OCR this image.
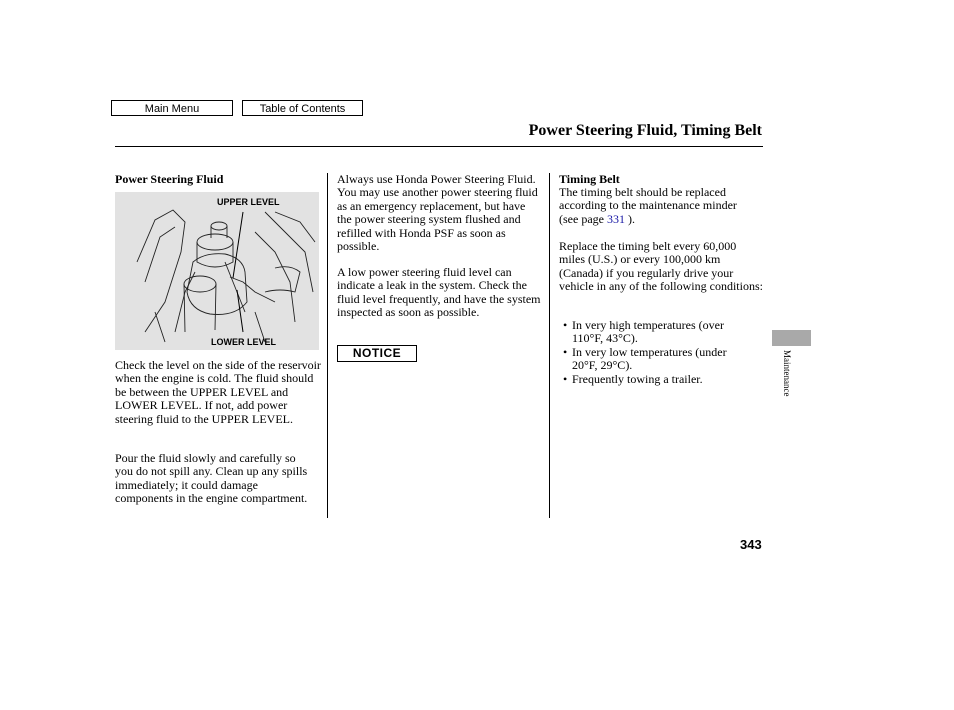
Main Menu	Table of Contents
Power Steering Fluid, Timing Belt
Power Steering Fluid
UPPER LEVEL
LOWER LEVEL
Check the level on the side of the reservoir when the engine is cold. The fluid should be between the UPPER LEVEL and LOWER LEVEL. If not, add power steering fluid to the UPPER LEVEL.
Pour the fluid slowly and carefully so you do not spill any. Clean up any spills immediately; it could damage components in the engine compartment.
Always use Honda Power Steering Fluid. You may use another power steering fluid as an emergency replacement, but have the power steering system flushed and refilled with Honda PSF as soon as possible.
A low power steering fluid level can indicate a leak in the system. Check the fluid level frequently, and have the system inspected as soon as possible.
NOTICE
Timing Belt
The timing belt should be replaced according to the maintenance minder (see page 331 ).
Replace the timing belt every 60,000 miles (U.S.) or every 100,000 km (Canada) if you regularly drive your vehicle in any of the following conditions:
• In very high temperatures (over 110°F, 43°C).
• In very low temperatures (under 20°F, 29°C).
• Frequently towing a trailer.	Maintenance
343
